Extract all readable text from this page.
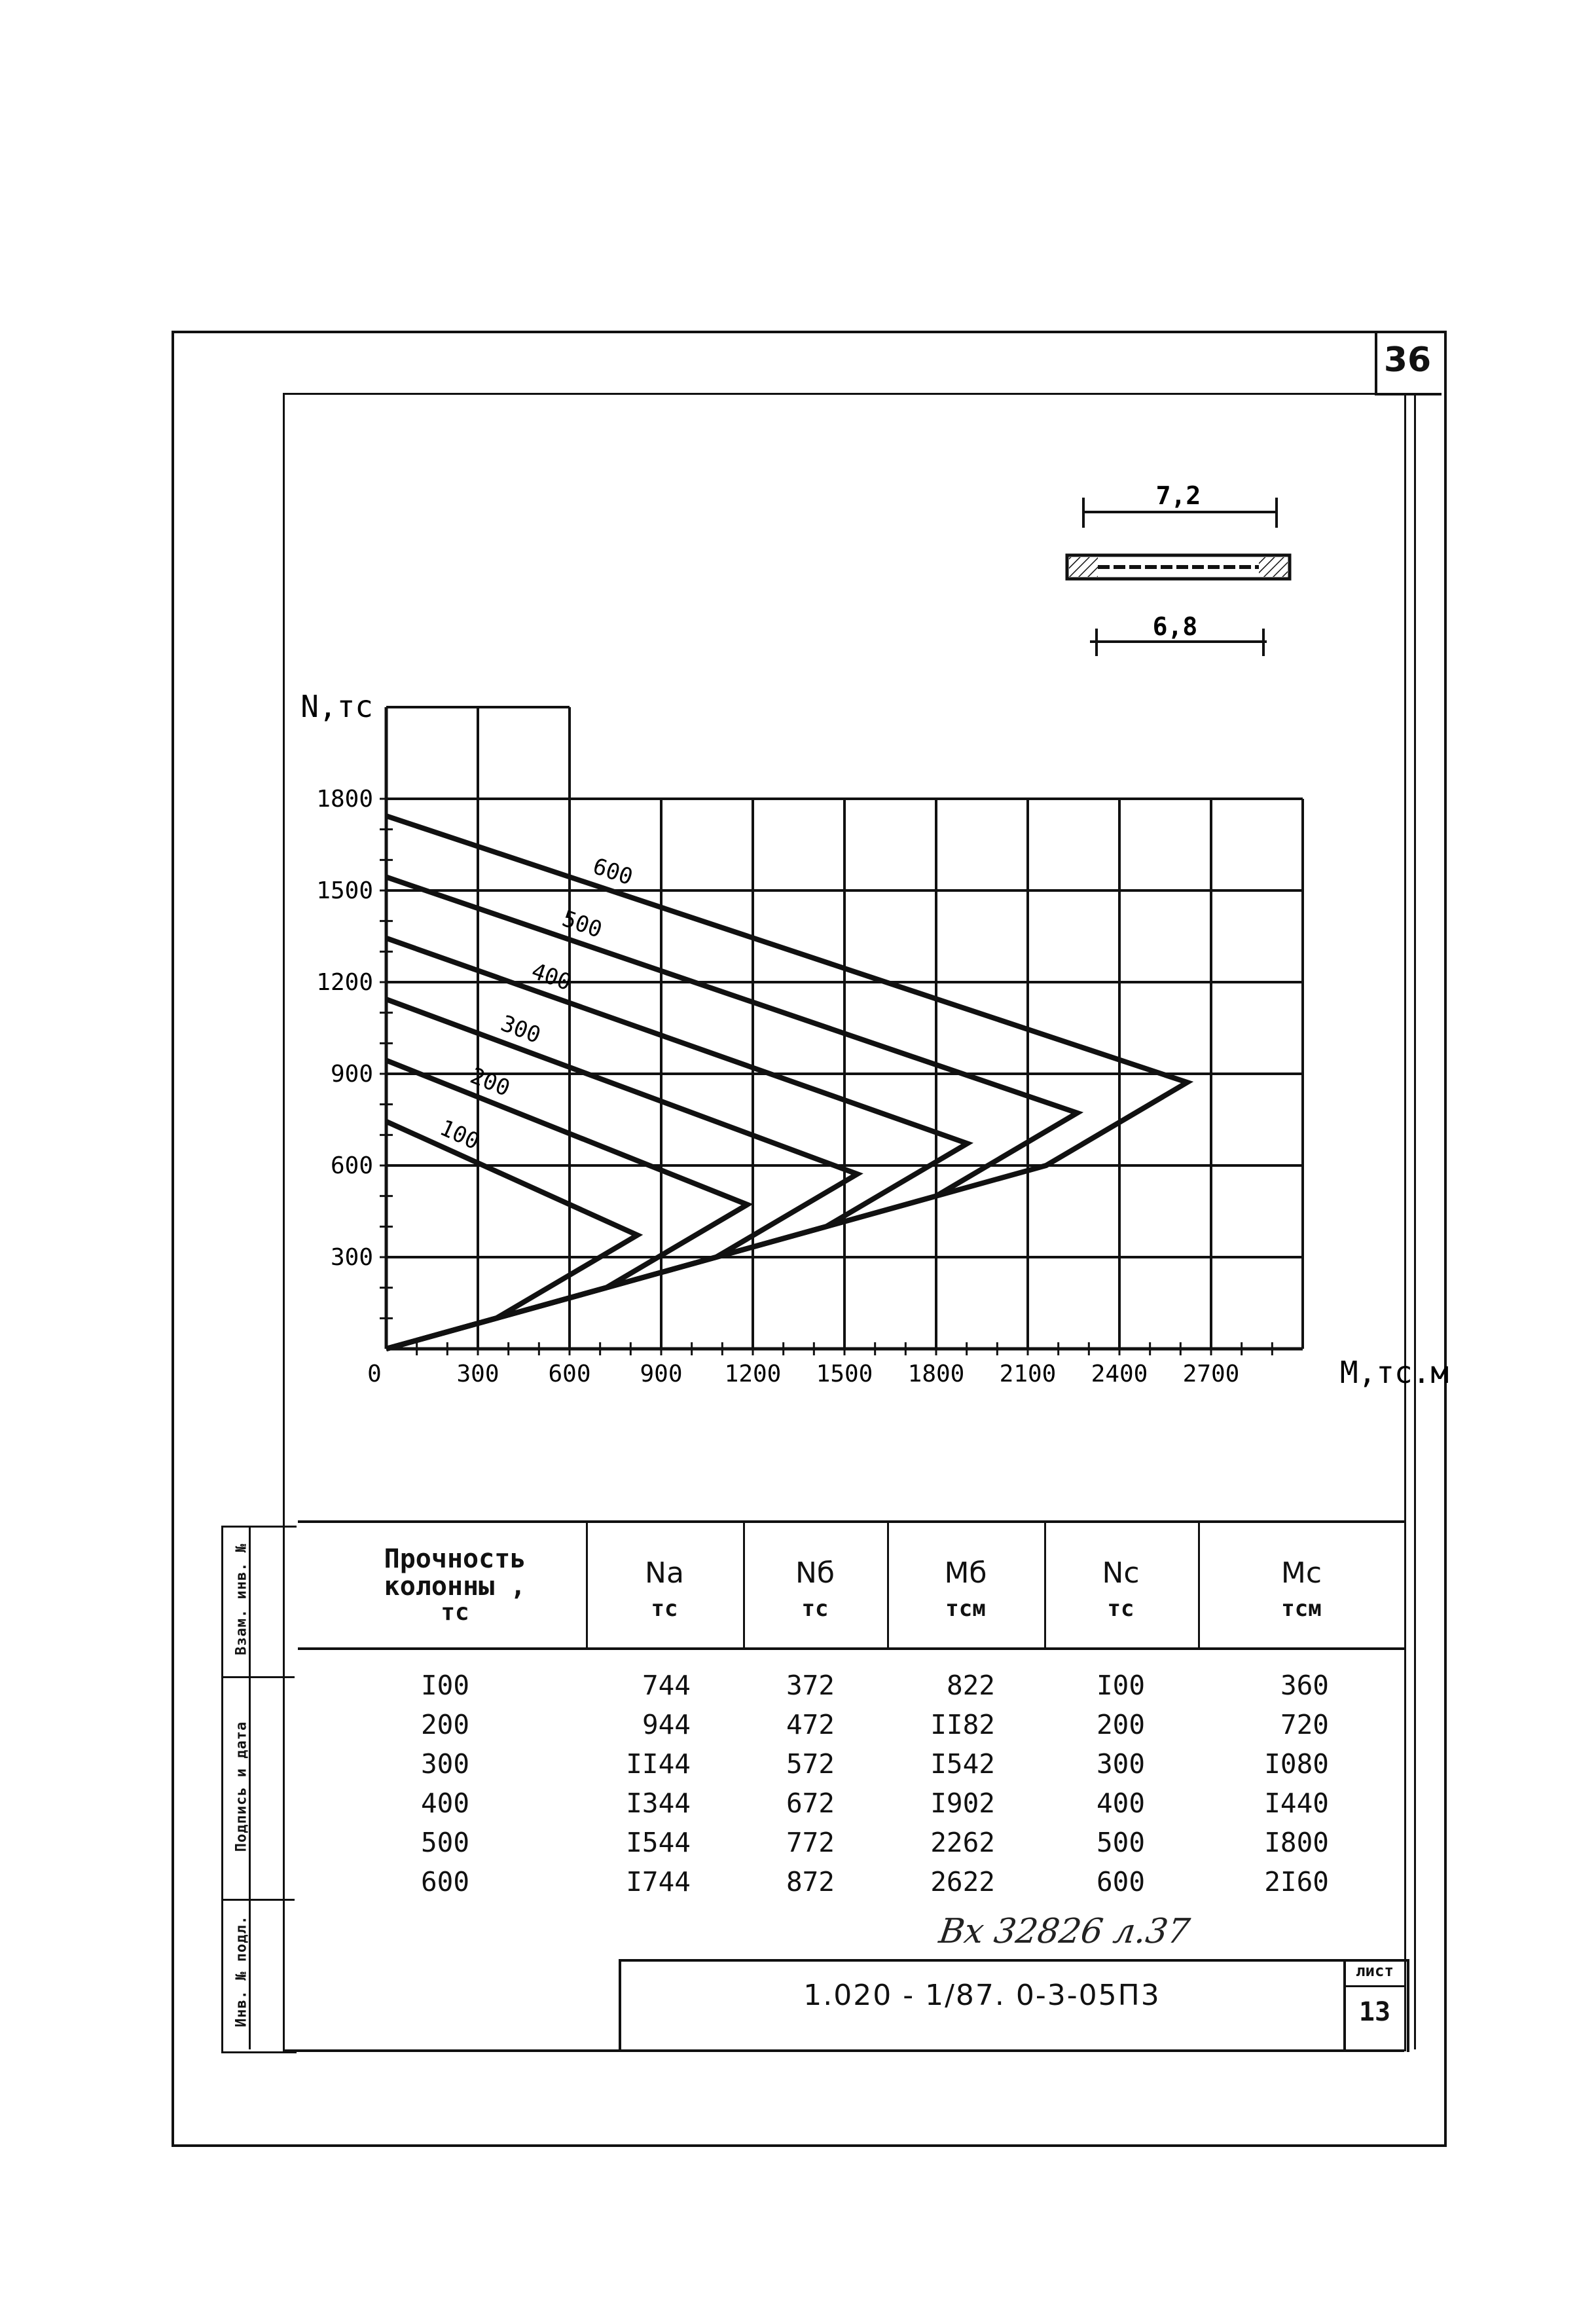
36
Инв. № подл.
Подпись и дата
Взам. инв. №
7,2
6,8
0	300 600 900 1200 1500 1800 2100 2400 2700
300
600
900
1200
1500
1800
M,тс.м
N,тс
100
200
300
400
500
600
Прочность колонны ,
тс
Na
тс
Nб
тс
Mб
тсм
Nc
тс
Mc
тсм
I00	744	372	822	I00	360
200	944	472	II82	200	720
300	II44	572	I542	300	I080
400	I344	672	I902	400	I440
500	I544	772	2262	500	I800
600	I744	872	2622	600	2I60
Вх 32826 л.37
лист
13
1.020 - 1/87. 0-3-05П3
